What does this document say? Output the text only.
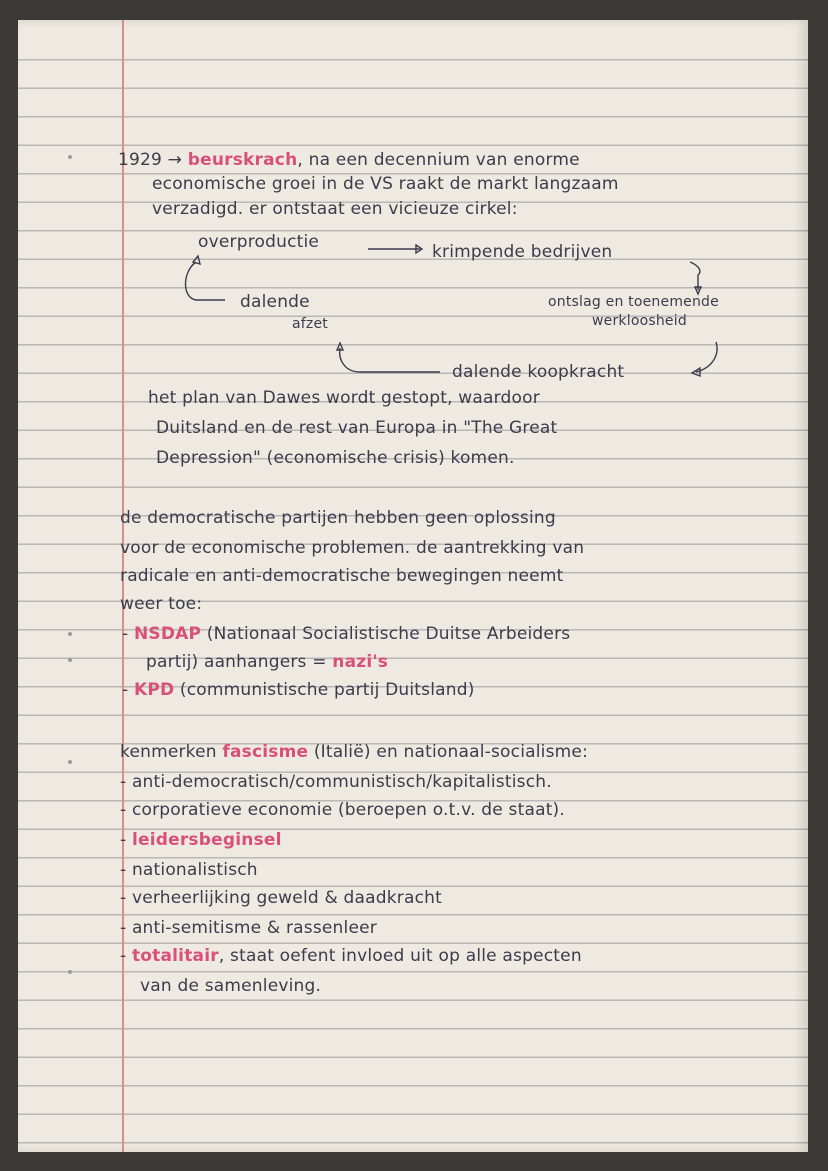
1929 → beurskrach, na een decennium van enorme
economische groei in de VS raakt de markt langzaam
verzadigd. er ontstaat een vicieuze cirkel:
overproductie	krimpende bedrijven
ontslag en toenemende
werkloosheid
dalende koopkracht
dalende
afzet
het plan van Dawes wordt gestopt, waardoor
Duitsland en de rest van Europa in "The Great
Depression" (economische crisis) komen.
de democratische partijen hebben geen oplossing
voor de economische problemen. de aantrekking van
radicale en anti-democratische bewegingen neemt
weer toe:
- NSDAP (Nationaal Socialistische Duitse Arbeiders
partij) aanhangers = nazi's
- KPD (communistische partij Duitsland)
kenmerken fascisme (Italië) en nationaal-socialisme:
- anti-democratisch/communistisch/kapitalistisch.
- corporatieve economie (beroepen o.t.v. de staat).
- leidersbeginsel
- nationalistisch
- verheerlijking geweld & daadkracht
- anti-semitisme & rassenleer
- totalitair, staat oefent invloed uit op alle aspecten
van de samenleving.
